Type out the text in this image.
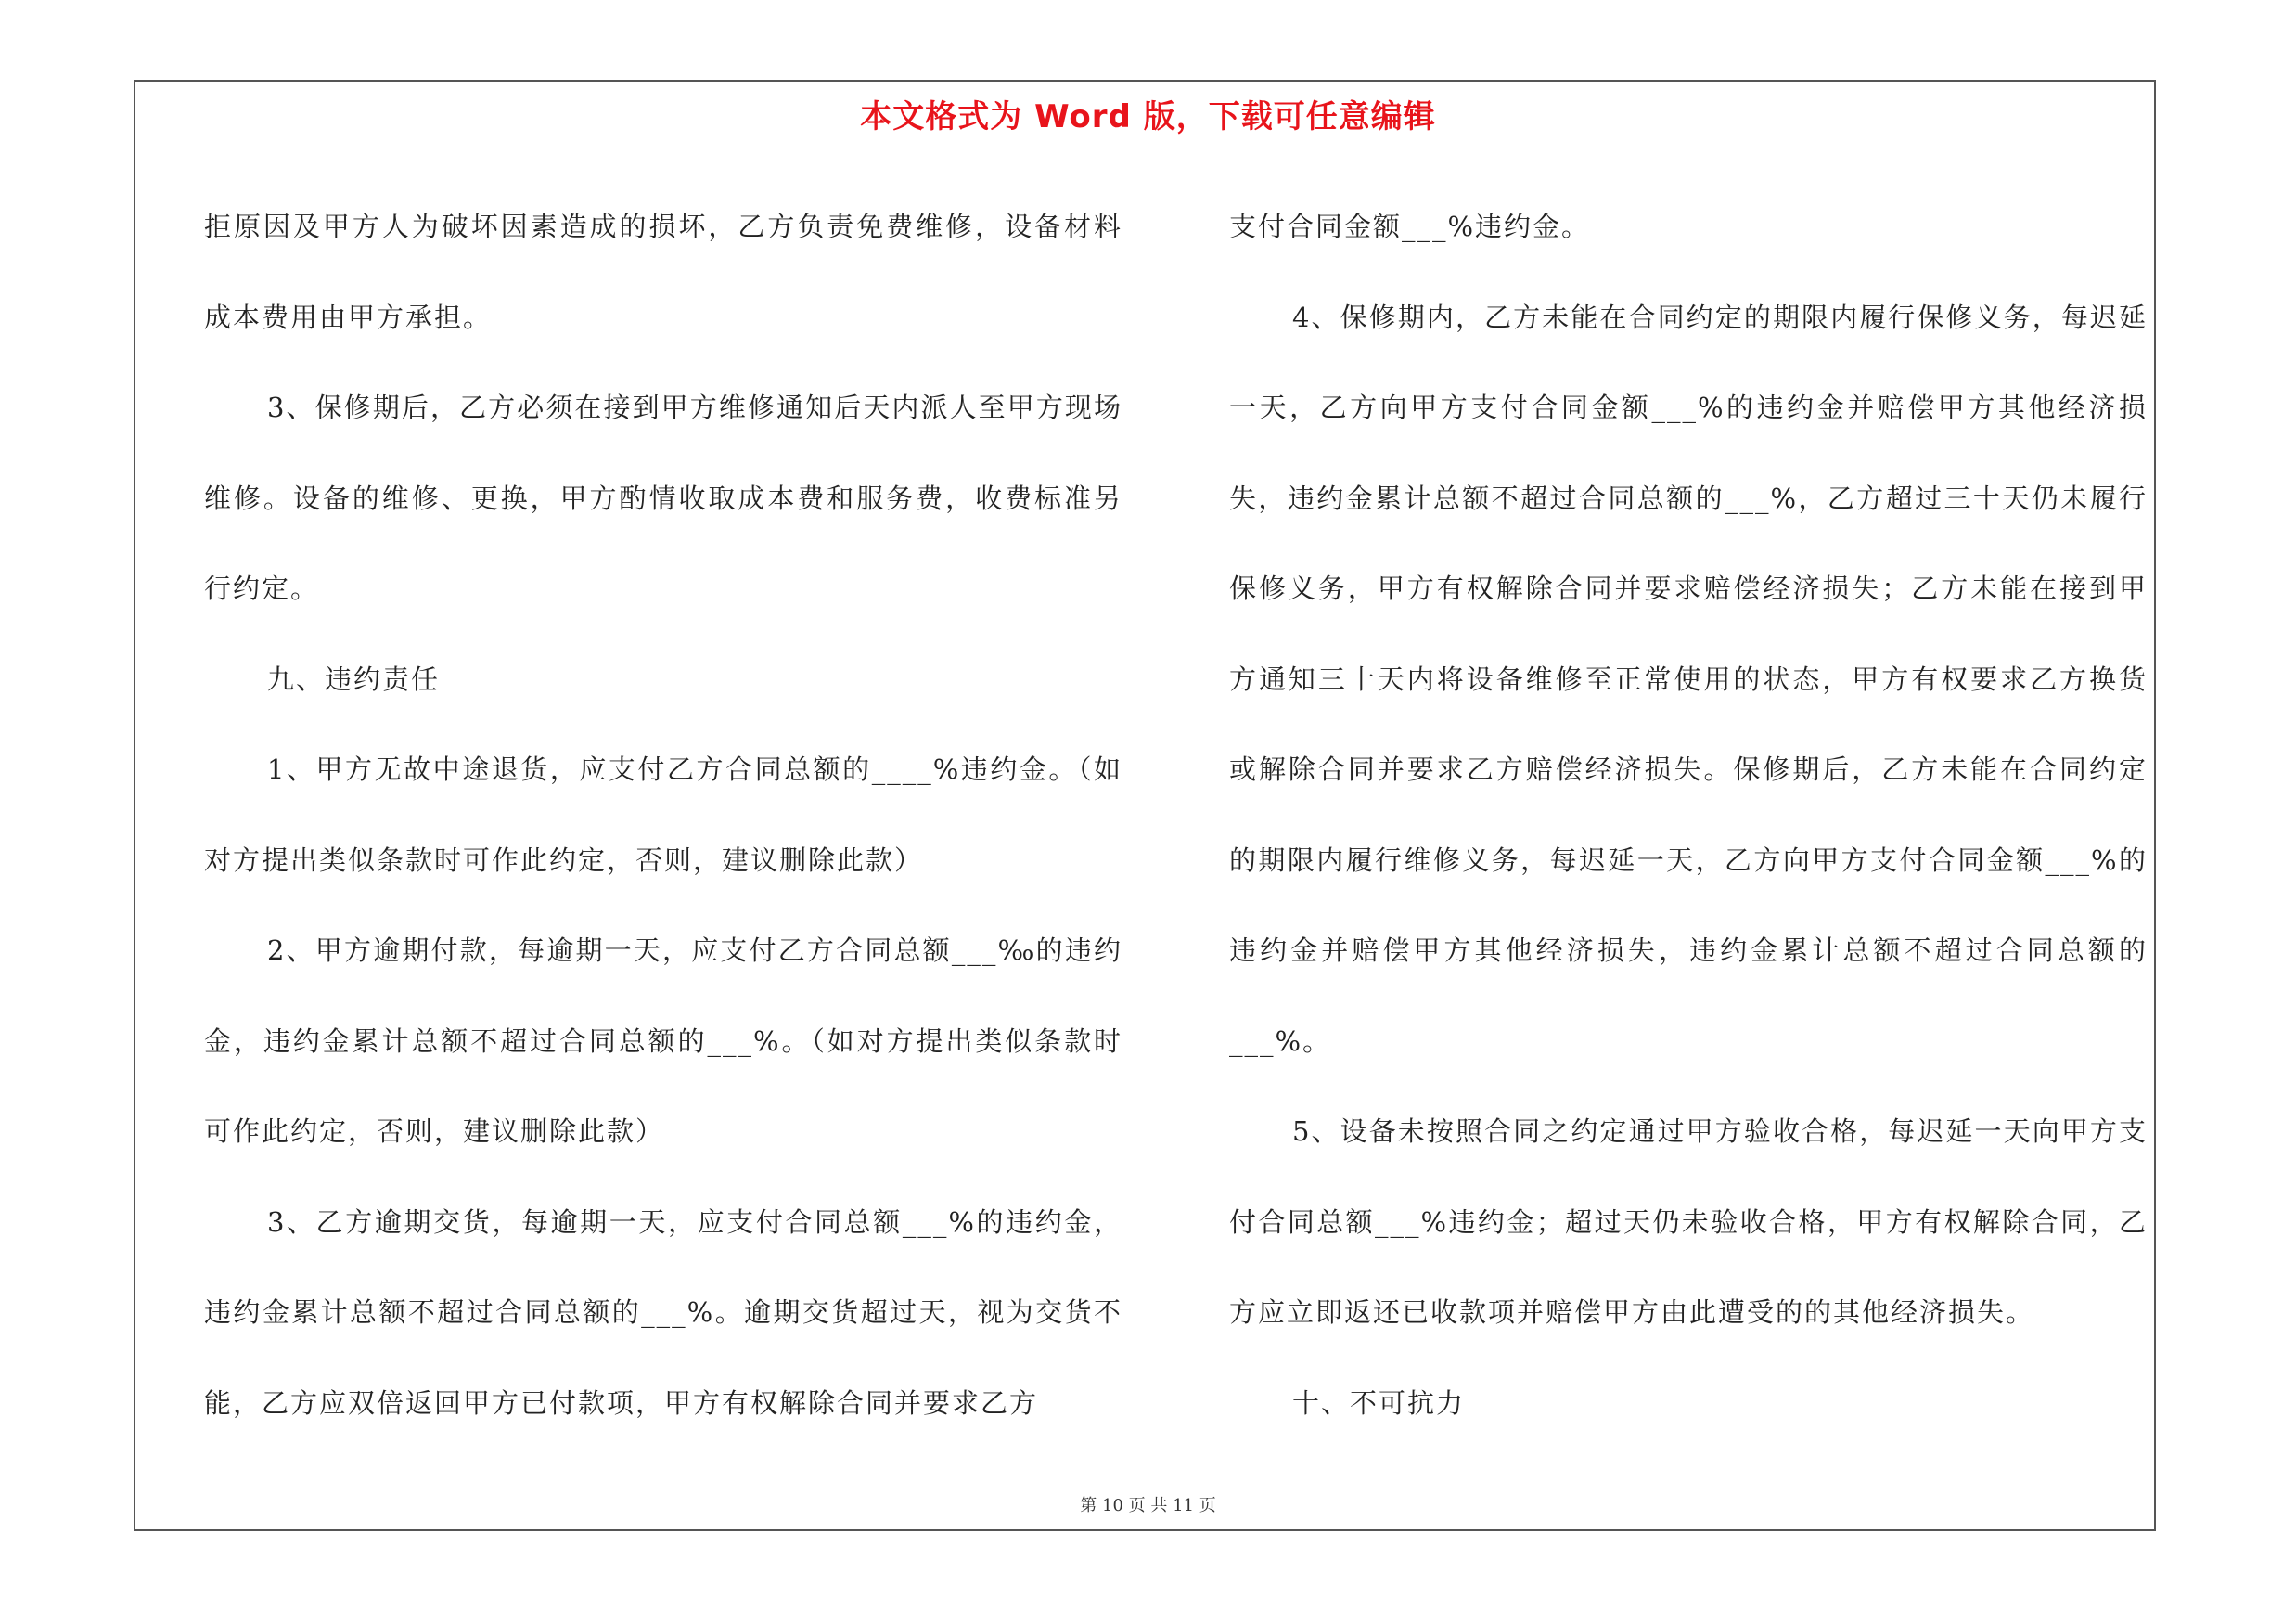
本文格式为 Word 版，下载可任意编辑

拒原因及甲方人为破坏因素造成的损坏，乙方负责免费维修，设备材料成本费用由甲方承担。

3、保修期后，乙方必须在接到甲方维修通知后天内派人至甲方现场维修。设备的维修、更换，甲方酌情收取成本费和服务费，收费标准另行约定。

九、违约责任

1、甲方无故中途退货，应支付乙方合同总额的____%违约金。（如对方提出类似条款时可作此约定，否则，建议删除此款）

2、甲方逾期付款，每逾期一天，应支付乙方合同总额___‰的违约金，违约金累计总额不超过合同总额的___%。（如对方提出类似条款时可作此约定，否则，建议删除此款）

3、乙方逾期交货，每逾期一天，应支付合同总额___%的违约金，违约金累计总额不超过合同总额的___%。逾期交货超过天，视为交货不能，乙方应双倍返回甲方已付款项，甲方有权解除合同并要求乙方

支付合同金额___%违约金。

4、保修期内，乙方未能在合同约定的期限内履行保修义务，每迟延一天，乙方向甲方支付合同金额___%的违约金并赔偿甲方其他经济损失，违约金累计总额不超过合同总额的___%，乙方超过三十天仍未履行保修义务，甲方有权解除合同并要求赔偿经济损失；乙方未能在接到甲方通知三十天内将设备维修至正常使用的状态，甲方有权要求乙方换货或解除合同并要求乙方赔偿经济损失。保修期后，乙方未能在合同约定的期限内履行维修义务，每迟延一天，乙方向甲方支付合同金额___%的违约金并赔偿甲方其他经济损失，违约金累计总额不超过合同总额的___%。

5、设备未按照合同之约定通过甲方验收合格，每迟延一天向甲方支付合同总额___%违约金；超过天仍未验收合格，甲方有权解除合同，乙方应立即返还已收款项并赔偿甲方由此遭受的的其他经济损失。

十、不可抗力

第 10 页 共 11 页
